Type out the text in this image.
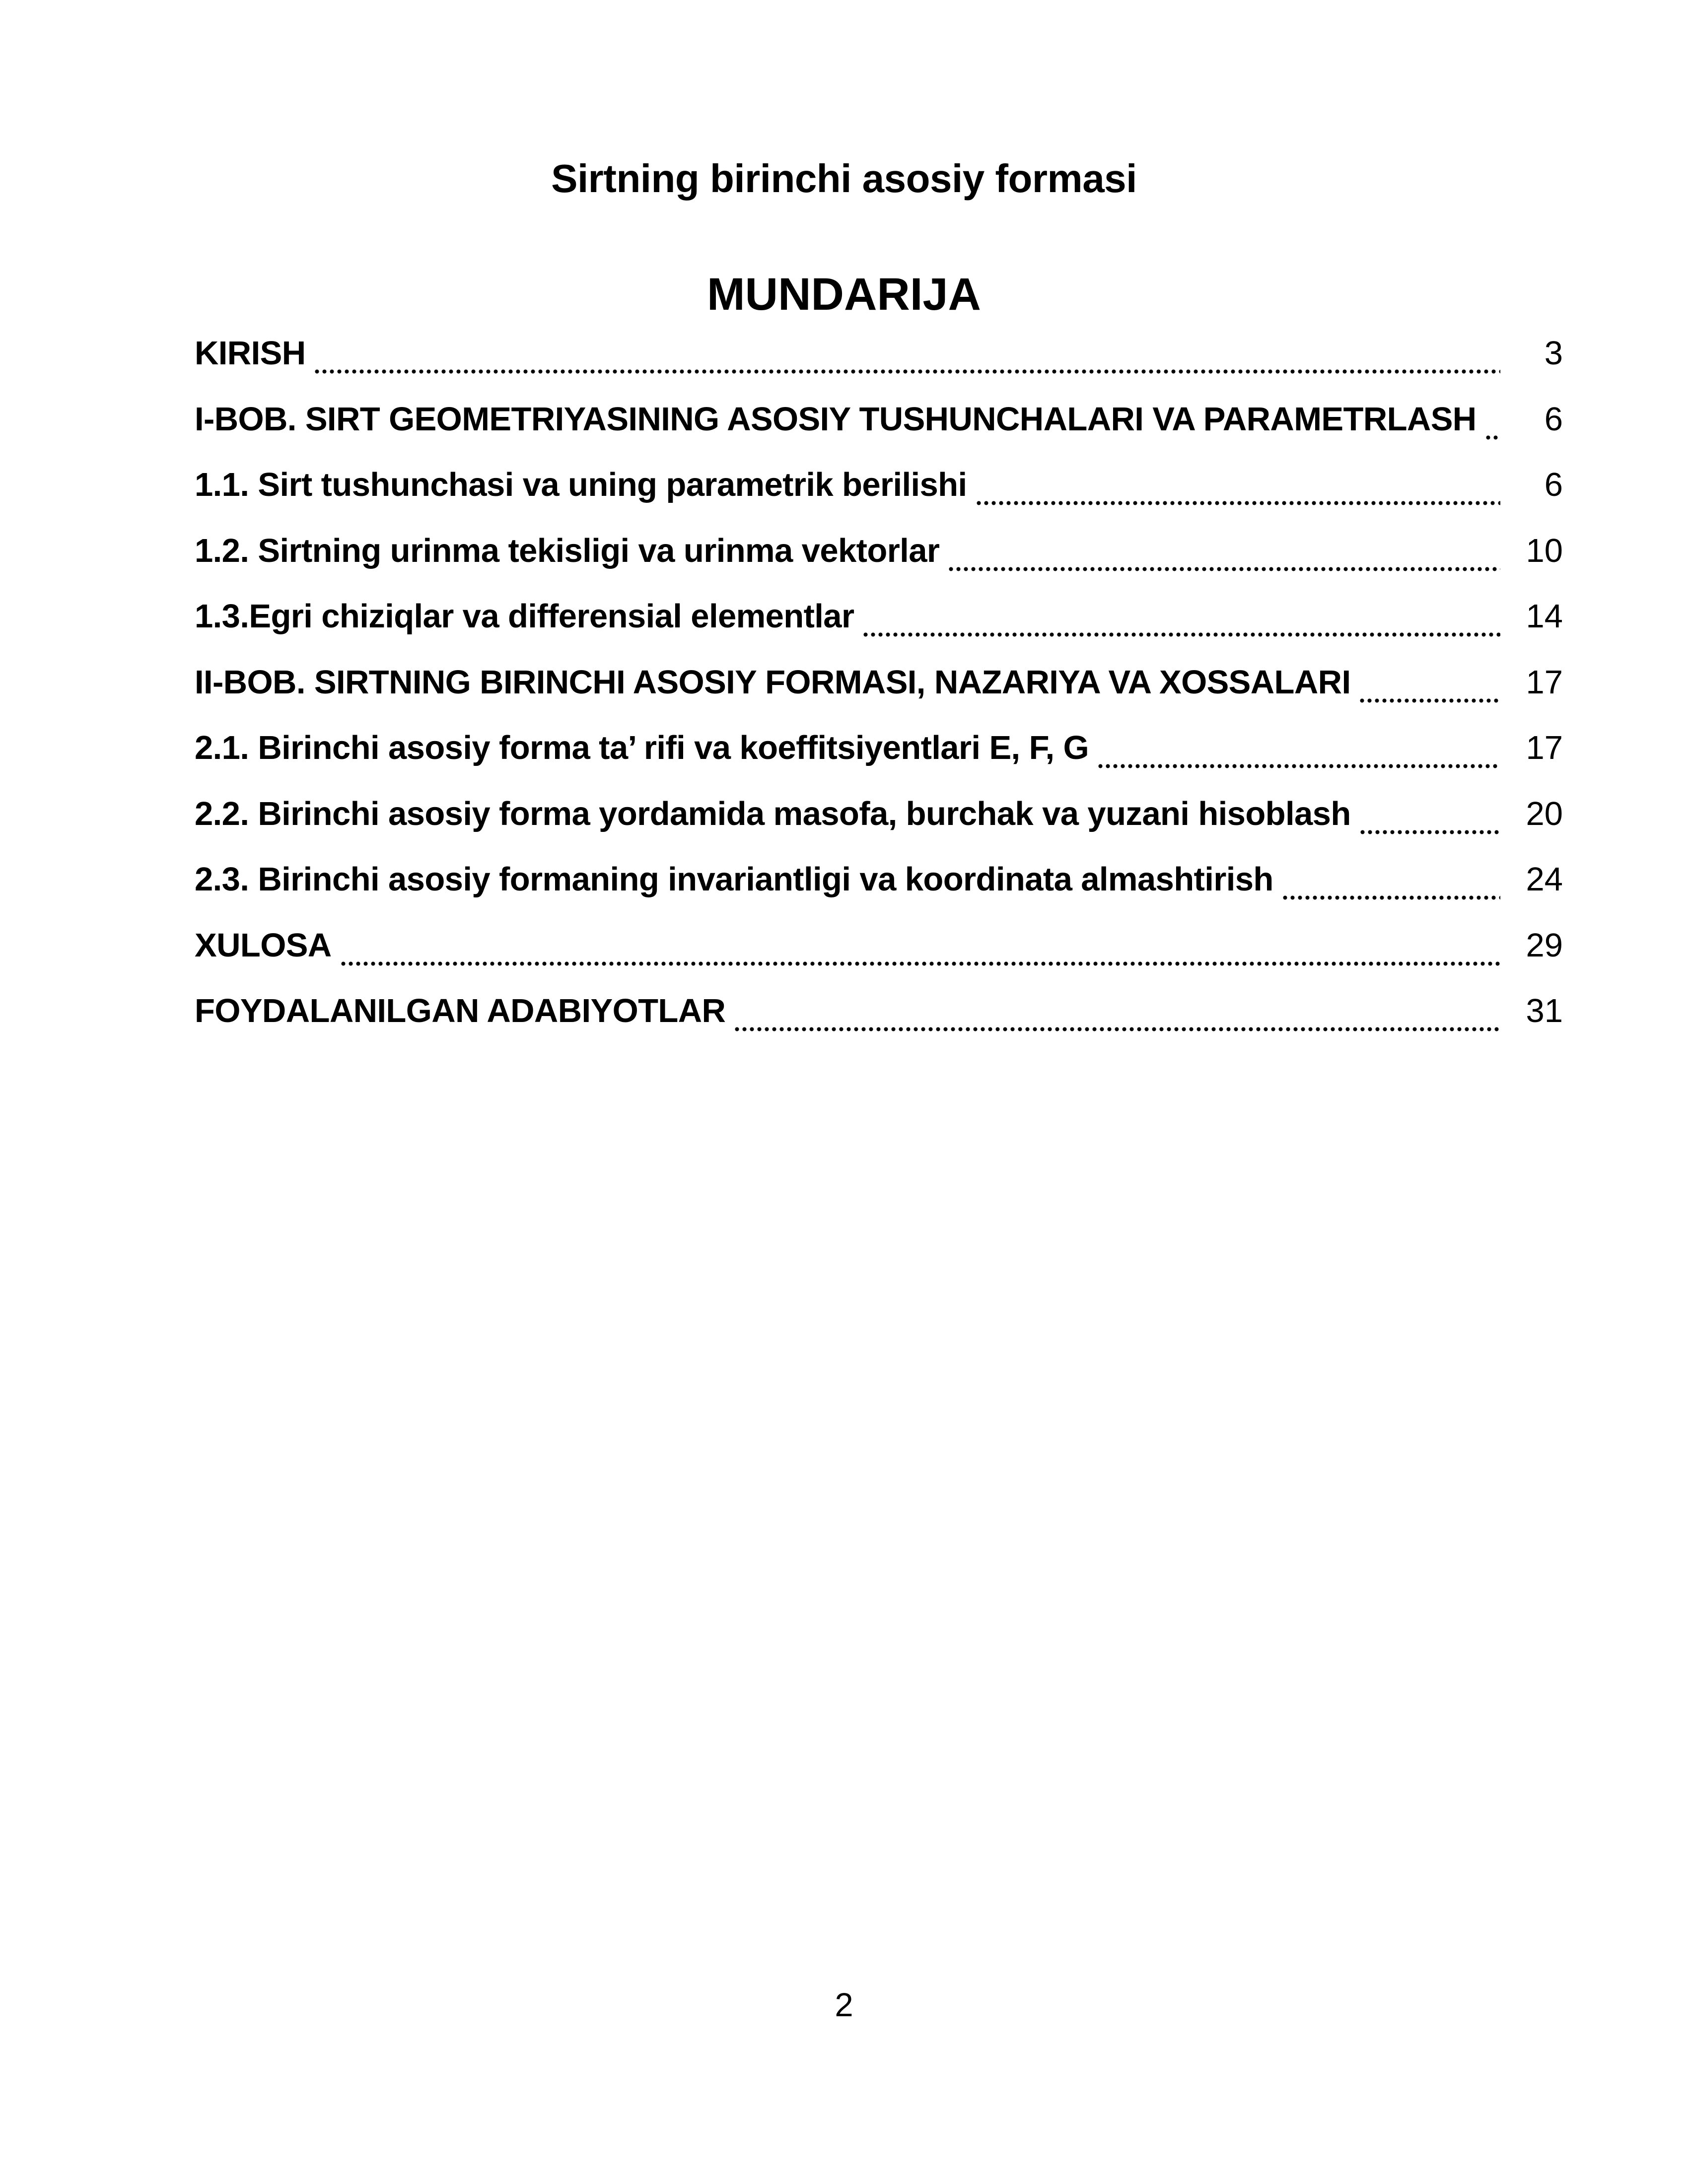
Sirtning birinchi asosiy formasi
MUNDARIJA
KIRISH	3
I-BOB. SIRT GEOMETRIYASINING ASOSIY TUSHUNCHALARI VA PARAMETRLASH	6
1.1. Sirt tushunchasi va uning parametrik berilishi	6
1.2. Sirtning urinma tekisligi va urinma vektorlar	10
1.3.Egri chiziqlar va differensial elementlar	14
II-BOB. SIRTNING BIRINCHI ASOSIY FORMASI, NAZARIYA VA XOSSALARI	17
2.1. Birinchi asosiy forma ta’ rifi va koeffitsiyentlari E, F, G	17
2.2. Birinchi asosiy forma yordamida masofa, burchak va yuzani hisoblash	20
2.3. Birinchi asosiy formaning invariantligi va koordinata almashtirish	24
XULOSA	29
FOYDALANILGAN ADABIYOTLAR	31
2
